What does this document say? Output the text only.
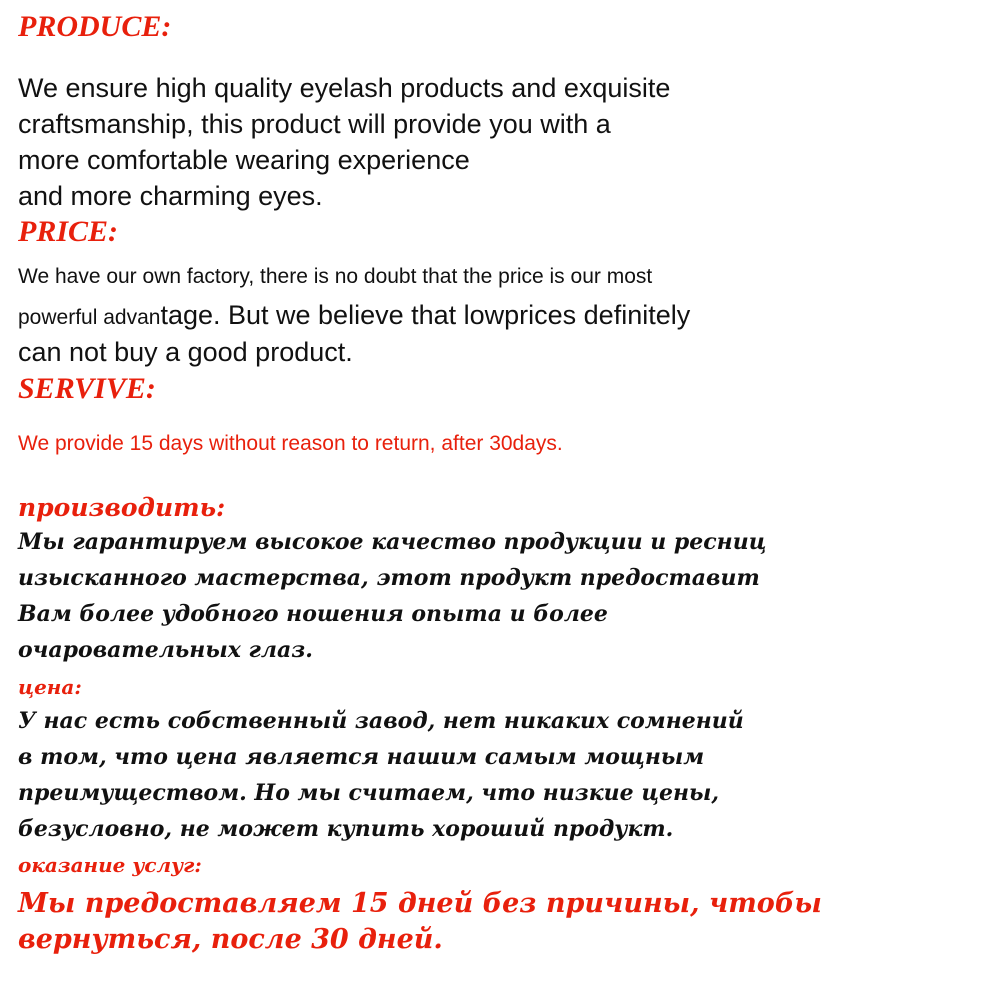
PRODUCE:

We ensure high quality eyelash products and exquisite

craftsmanship, this product will provide you with a

more comfortable wearing experience

and more charming eyes.

PRICE:

We have our own factory, there is no doubt that the price is our most

powerful advantage. But we believe that lowprices definitely

can not buy a good product.

SERVIVE:

We provide 15 days without reason to return, after 30days.

производить:

Мы гарантируем высокое качество продукции и ресниц

изысканного мастерства, этот продукт предоставит

Вам более удобного ношения опыта и более

очаровательных глаз.

цена:

У нас есть собственный завод, нет никаких сомнений

в том, что цена является нашим самым мощным

преимуществом. Но мы считаем, что низкие цены,

безусловно, не может купить хороший продукт.

оказание услуг:

Мы предоставляем 15 дней без причины, чтобы

вернуться, после 30 дней.
